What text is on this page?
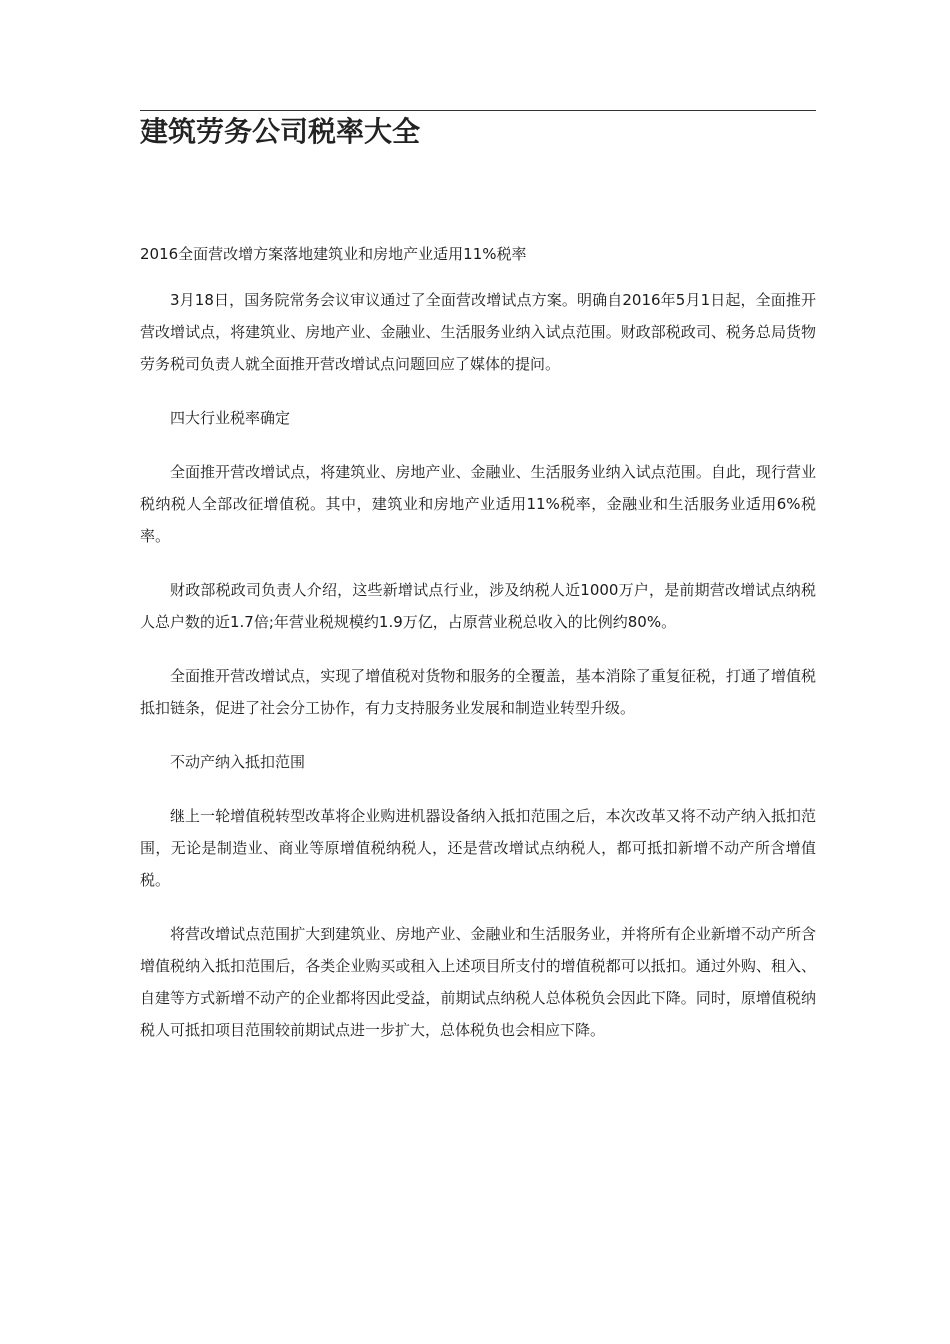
建筑劳务公司税率大全

2016全面营改增方案落地建筑业和房地产业适用11%税率

3月18日，国务院常务会议审议通过了全面营改增试点方案。明确自2016年5月1日起，全面推开营改增试点，将建筑业、房地产业、金融业、生活服务业纳入试点范围。财政部税政司、税务总局货物劳务税司负责人就全面推开营改增试点问题回应了媒体的提问。

四大行业税率确定

全面推开营改增试点，将建筑业、房地产业、金融业、生活服务业纳入试点范围。自此，现行营业税纳税人全部改征增值税。其中，建筑业和房地产业适用11%税率，金融业和生活服务业适用6%税率。

财政部税政司负责人介绍，这些新增试点行业，涉及纳税人近1000万户，是前期营改增试点纳税人总户数的近1.7倍;年营业税规模约1.9万亿，占原营业税总收入的比例约80%。

全面推开营改增试点，实现了增值税对货物和服务的全覆盖，基本消除了重复征税，打通了增值税抵扣链条，促进了社会分工协作，有力支持服务业发展和制造业转型升级。

不动产纳入抵扣范围

继上一轮增值税转型改革将企业购进机器设备纳入抵扣范围之后，本次改革又将不动产纳入抵扣范围，无论是制造业、商业等原增值税纳税人，还是营改增试点纳税人，都可抵扣新增不动产所含增值税。

将营改增试点范围扩大到建筑业、房地产业、金融业和生活服务业，并将所有企业新增不动产所含增值税纳入抵扣范围后，各类企业购买或租入上述项目所支付的增值税都可以抵扣。通过外购、租入、自建等方式新增不动产的企业都将因此受益，前期试点纳税人总体税负会因此下降。同时，原增值税纳税人可抵扣项目范围较前期试点进一步扩大，总体税负也会相应下降。
